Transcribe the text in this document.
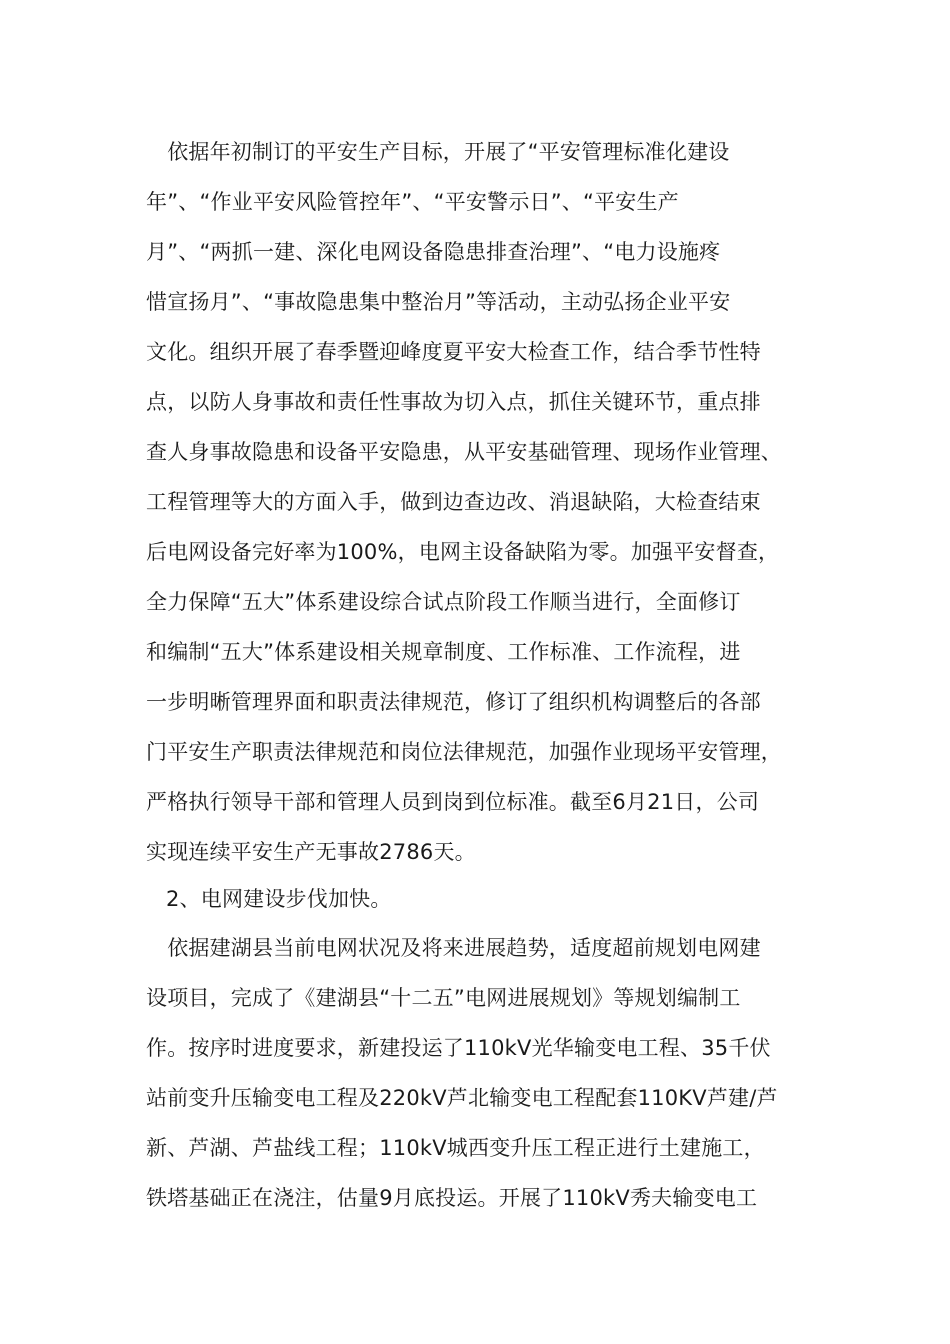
　依据年初制订的平安生产目标，开展了“平安管理标准化建设
年”、“作业平安风险管控年”、“平安警示日”、“平安生产
月”、“两抓一建、深化电网设备隐患排查治理”、“电力设施疼
惜宣扬月”、“事故隐患集中整治月”等活动，主动弘扬企业平安
文化。组织开展了春季暨迎峰度夏平安大检查工作，结合季节性特
点，以防人身事故和责任性事故为切入点，抓住关键环节，重点排
查人身事故隐患和设备平安隐患，从平安基础管理、现场作业管理、
工程管理等大的方面入手，做到边查边改、消退缺陷，大检查结束
后电网设备完好率为100%，电网主设备缺陷为零。加强平安督查，
全力保障“五大”体系建设综合试点阶段工作顺当进行，全面修订
和编制“五大”体系建设相关规章制度、工作标准、工作流程，进
一步明晰管理界面和职责法律规范，修订了组织机构调整后的各部
门平安生产职责法律规范和岗位法律规范，加强作业现场平安管理，
严格执行领导干部和管理人员到岗到位标准。截至6月21日，公司
实现连续平安生产无事故2786天。
2、电网建设步伐加快。
　依据建湖县当前电网状况及将来进展趋势，适度超前规划电网建
设项目，完成了《建湖县“十二五”电网进展规划》等规划编制工
作。按序时进度要求，新建投运了110kV光华输变电工程、35千伏
站前变升压输变电工程及220kV芦北输变电工程配套110KV芦建/芦
新、芦湖、芦盐线工程；110kV城西变升压工程正进行土建施工，
铁塔基础正在浇注，估量9月底投运。开展了110kV秀夫输变电工
